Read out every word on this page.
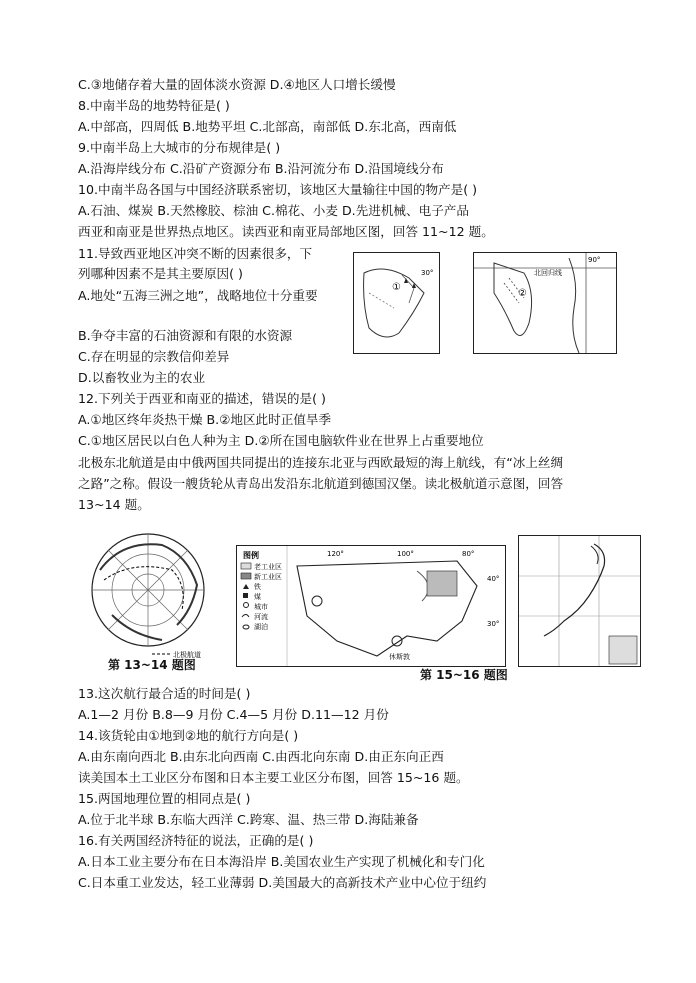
C.③地储存着大量的固体淡水资源 D.④地区人口增长缓慢
8.中南半岛的地势特征是( )
A.中部高，四周低 B.地势平坦 C.北部高，南部低 D.东北高，西南低
9.中南半岛上大城市的分布规律是( )
A.沿海岸线分布 C.沿矿产资源分布 B.沿河流分布 D.沿国境线分布
10.中南半岛各国与中国经济联系密切，该地区大量输往中国的物产是( )
A.石油、煤炭 B.天然橡胶、棕油 C.棉花、小麦 D.先进机械、电子产品
西亚和南亚是世界热点地区。读西亚和南亚局部地区图，回答 11~12 题。
11.导致西亚地区冲突不断的因素很多，下
列哪种因素不是其主要原因( )
A.地处“五海三洲之地”，战略地位十分重要
B.争夺丰富的石油资源和有限的水资源
C.存在明显的宗教信仰差异
D.以畜牧业为主的农业
12.下列关于西亚和南亚的描述，错误的是( )
A.①地区终年炎热干燥 B.②地区此时正值旱季
C.①地区居民以白色人种为主 D.②所在国电脑软件业在世界上占重要地位
北极东北航道是由中俄两国共同提出的连接东北亚与西欧最短的海上航线，有“冰上丝绸
之路”之称。假设一艘货轮从青岛出发沿东北航道到德国汉堡。读北极航道示意图，回答
13~14 题。
①
30°	北回归线
90°
②
北极航道
第 13~14 题图
图例
老工业区
新工业区
铁
煤
城市
河流
湖泊
120°	100°	80°
40°
30°
休斯敦
第 15~16 题图
13.这次航行最合适的时间是( )
A.1—2 月份 B.8—9 月份 C.4—5 月份 D.11—12 月份
14.该货轮由①地到②地的航行方向是( )
A.由东南向西北 B.由东北向西南 C.由西北向东南 D.由正东向正西
读美国本土工业区分布图和日本主要工业区分布图，回答 15~16 题。
15.两国地理位置的相同点是( )
A.位于北半球 B.东临大西洋 C.跨寒、温、热三带 D.海陆兼备
16.有关两国经济特征的说法，正确的是( )
A.日本工业主要分布在日本海沿岸 B.美国农业生产实现了机械化和专门化
C.日本重工业发达，轻工业薄弱 D.美国最大的高新技术产业中心位于纽约
